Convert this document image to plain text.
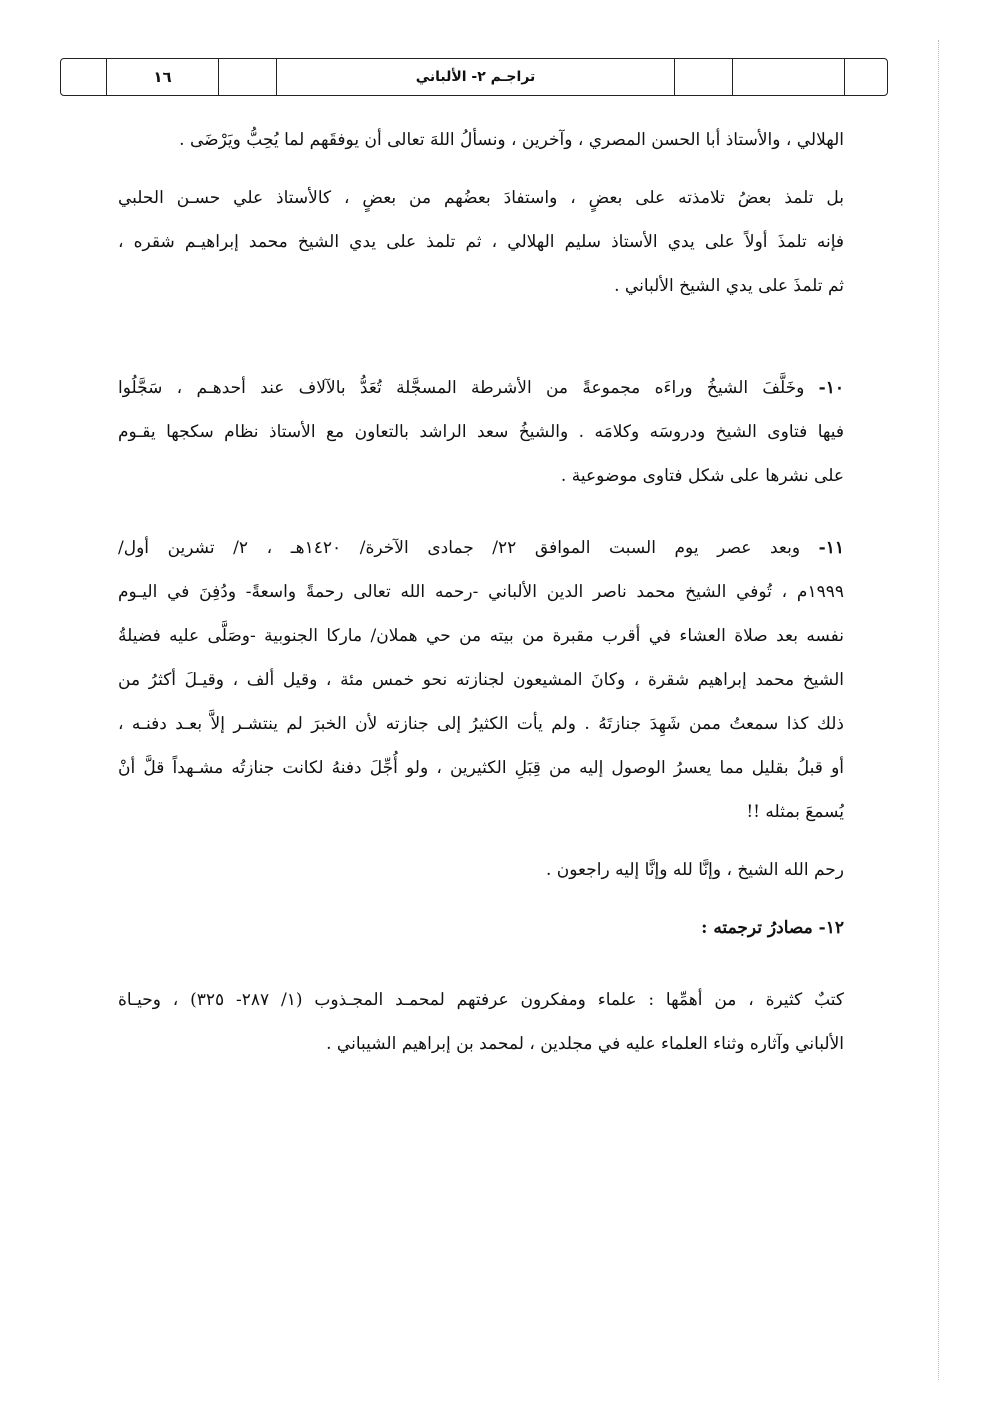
١٦	تراجـم ٢- الألباني
الهلالي ، والأستاذ أبا الحسن المصري ، وآخرين ، ونسألُ اللهَ تعالى أن يوفقَهم لما يُحِبُّ ويَرْضَى .
بل تلمذ بعضُ تلامذته على بعضٍ ، واستفادَ بعضُهم من بعضٍ ، كالأستاذ علي حسـن الحلبي
فإنه تلمذَ أولاً على يدي الأستاذ سليم الهلالي ، ثم تلمذ على يدي الشيخ محمد إبراهيـم شقره ،
ثم تلمذَ على يدي الشيخ الألباني .
١٠- وخَلَّفَ الشيخُ وراءَه مجموعةً من الأشرطة المسجَّلة تُعَدُّ بالآلاف عند أحدهـم ، سَجَّلُوا
فيها فتاوى الشيخ ودروسَه وكلامَه . والشيخُ سعد الراشد بالتعاون مع الأستاذ نظام سكجها يقـوم
على نشرها على شكل فتاوى موضوعية .
١١- وبعد عصر يوم السبت الموافق ٢٢/ جمادى الآخرة/ ١٤٢٠هـ ، ٢/ تشرين أول/
١٩٩٩م ، تُوفي الشيخ محمد ناصر الدين الألباني -رحمه الله تعالى رحمةً واسعةً- ودُفِنَ في اليـوم
نفسه بعد صلاة العشاء في أقرب مقبرة من بيته من حي هملان/ ماركا الجنوبية -وصَلَّى عليه فضيلةُ
الشيخ محمد إبراهيم شقرة ، وكانَ المشيعون لجنازته نحو خمس مئة ، وقيل ألف ، وقيـلَ أكثرُ من
ذلك كذا سمعتُ ممن شَهِدَ جنازتَهُ . ولم يأت الكثيرُ إلى جنازته لأن الخبرَ لم ينتشـر إلاَّ بعـد دفنـه ،
أو قبلُ بقليل مما يعسرُ الوصول إليه من قِبَلِ الكثيرين ، ولو أُجِّلَ دفنهُ لكانت جنازتُه مشـهداً قلَّ أنْ
يُسمعَ بمثله !!
رحم الله الشيخ ، وإنَّا لله وإنَّا إليه راجعون .
١٢- مصادرُ ترجمته :
كتبٌ كثيرة ، من أهمِّها : علماء ومفكرون عرفتهم لمحمـد المجـذوب (١/ ٢٨٧- ٣٢٥) ، وحيـاة
الألباني وآثاره وثناء العلماء عليه في مجلدين ، لمحمد بن إبراهيم الشيباني .
